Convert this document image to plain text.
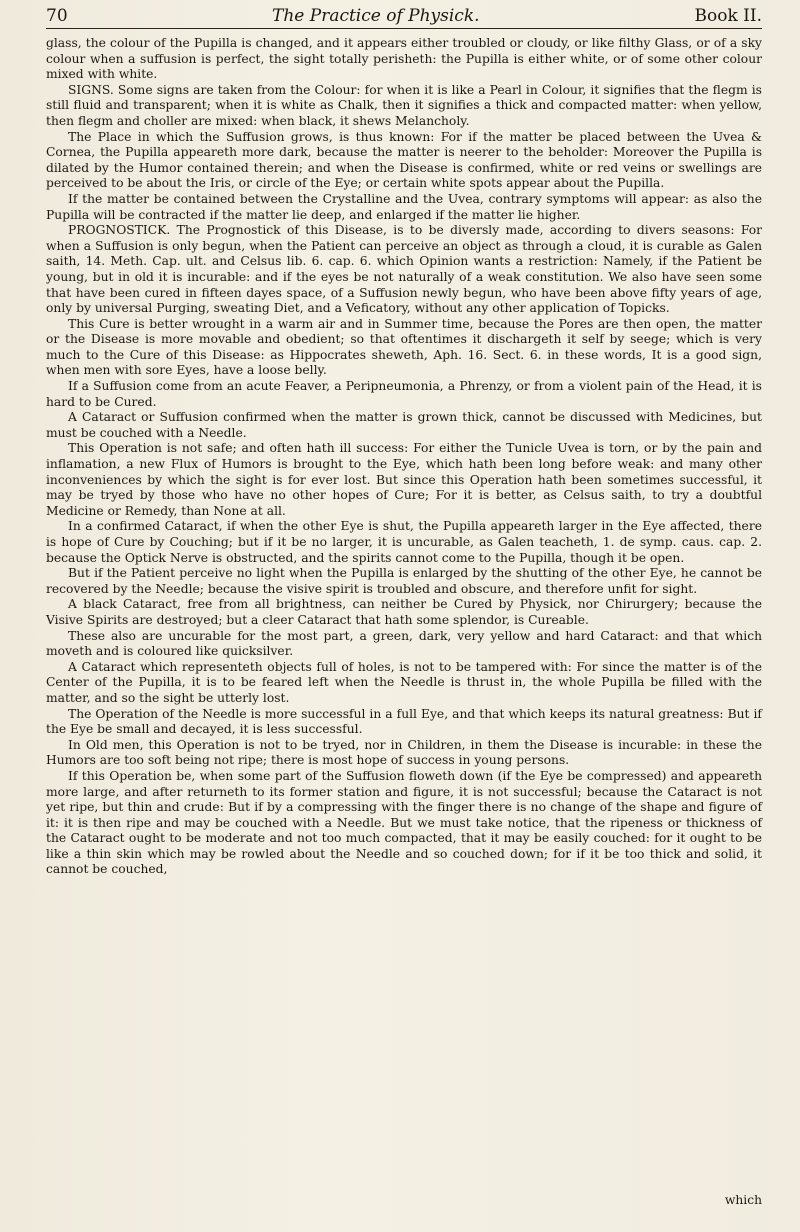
70	The Practice of Physick.	Book II.

glass, the colour of the Pupilla is changed, and it appears either troubled or cloudy, or like filthy Glass, or of a sky colour when a suffusion is perfect, the sight totally perisheth: the Pupilla is either white, or of some other colour mixed with white.

SIGNS. Some signs are taken from the Colour: for when it is like a Pearl in Colour, it signifies that the flegm is still fluid and transparent; when it is white as Chalk, then it signifies a thick and compacted matter: when yellow, then flegm and choller are mixed: when black, it shews Melancholy.

The Place in which the Suffusion grows, is thus known: For if the matter be placed between the Uvea & Cornea, the Pupilla appeareth more dark, because the matter is neerer to the beholder: Moreover the Pupilla is dilated by the Humor contained therein; and when the Disease is confirmed, white or red veins or swellings are perceived to be about the Iris, or circle of the Eye; or certain white spots appear about the Pupilla.

If the matter be contained between the Crystalline and the Uvea, contrary symptoms will appear: as also the Pupilla will be contracted if the matter lie deep, and enlarged if the matter lie higher.

PROGNOSTICK. The Prognostick of this Disease, is to be diversly made, according to divers seasons: For when a Suffusion is only begun, when the Patient can perceive an object as through a cloud, it is curable as Galen saith, 14. Meth. Cap. ult. and Celsus lib. 6. cap. 6. which Opinion wants a restriction: Namely, if the Patient be young, but in old it is incurable: and if the eyes be not naturally of a weak constitution. We also have seen some that have been cured in fifteen dayes space, of a Suffusion newly begun, who have been above fifty years of age, only by universal Purging, sweating Diet, and a Veficatory, without any other application of Topicks.

This Cure is better wrought in a warm air and in Summer time, because the Pores are then open, the matter or the Disease is more movable and obedient; so that oftentimes it dischargeth it self by seege; which is very much to the Cure of this Disease: as Hippocrates sheweth, Aph. 16. Sect. 6. in these words, It is a good sign, when men with sore Eyes, have a loose belly.

If a Suffusion come from an acute Feaver, a Peripneumonia, a Phrenzy, or from a violent pain of the Head, it is hard to be Cured.

A Cataract or Suffusion confirmed when the matter is grown thick, cannot be discussed with Medicines, but must be couched with a Needle.

This Operation is not safe; and often hath ill success: For either the Tunicle Uvea is torn, or by the pain and inflamation, a new Flux of Humors is brought to the Eye, which hath been long before weak: and many other inconveniences by which the sight is for ever lost. But since this Operation hath been sometimes successful, it may be tryed by those who have no other hopes of Cure; For it is better, as Celsus saith, to try a doubtful Medicine or Remedy, than None at all.

In a confirmed Cataract, if when the other Eye is shut, the Pupilla appeareth larger in the Eye affected, there is hope of Cure by Couching; but if it be no larger, it is uncurable, as Galen teacheth, 1. de symp. caus. cap. 2. because the Optick Nerve is obstructed, and the spirits cannot come to the Pupilla, though it be open.

But if the Patient perceive no light when the Pupilla is enlarged by the shutting of the other Eye, he cannot be recovered by the Needle; because the visive spirit is troubled and obscure, and therefore unfit for sight.

A black Cataract, free from all brightness, can neither be Cured by Physick, nor Chirurgery; because the Visive Spirits are destroyed; but a cleer Cataract that hath some splendor, is Cureable.

These also are uncurable for the most part, a green, dark, very yellow and hard Cataract: and that which moveth and is coloured like quicksilver.

A Cataract which representeth objects full of holes, is not to be tampered with: For since the matter is of the Center of the Pupilla, it is to be feared left when the Needle is thrust in, the whole Pupilla be filled with the matter, and so the sight be utterly lost.

The Operation of the Needle is more successful in a full Eye, and that which keeps its natural greatness: But if the Eye be small and decayed, it is less successful.

In Old men, this Operation is not to be tryed, nor in Children, in them the Disease is incurable: in these the Humors are too soft being not ripe; there is most hope of success in young persons.

If this Operation be, when some part of the Suffusion floweth down (if the Eye be compressed) and appeareth more large, and after returneth to its former station and figure, it is not successful; because the Cataract is not yet ripe, but thin and crude: But if by a compressing with the finger there is no change of the shape and figure of it: it is then ripe and may be couched with a Needle. But we must take notice, that the ripeness or thickness of the Cataract ought to be moderate and not too much compacted, that it may be easily couched: for it ought to be like a thin skin which may be rowled about the Needle and so couched down; for if it be too thick and solid, it cannot be couched,

which
